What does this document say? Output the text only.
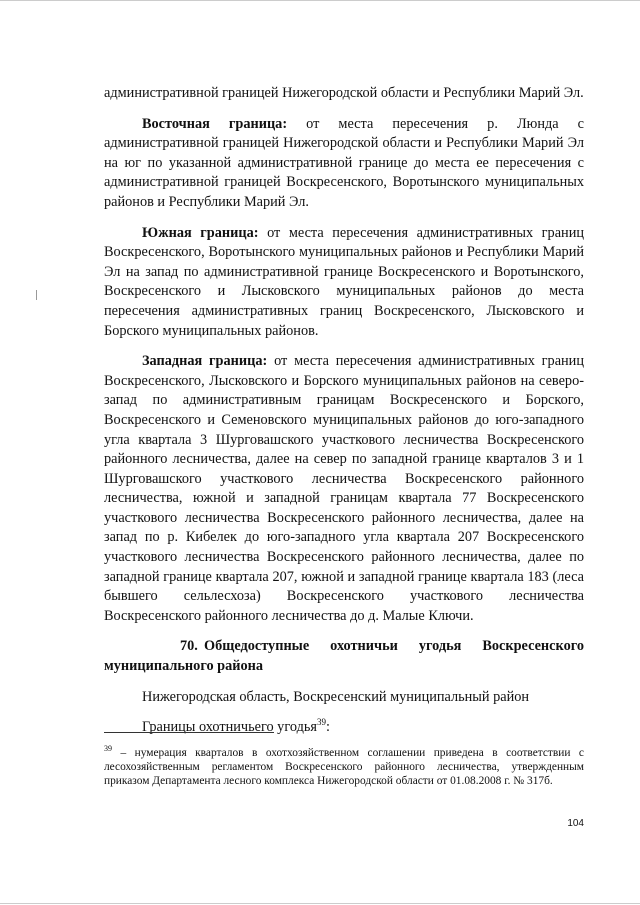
административной границей Нижегородской области и Республики Марий Эл.

Восточная граница: от места пересечения р. Люнда с административной границей Нижегородской области и Республики Марий Эл на юг по указанной административной границе до места ее пересечения с административной границей Воскресенского, Воротынского муниципальных районов и Республики Марий Эл.

Южная граница: от места пересечения административных границ Воскресенского, Воротынского муниципальных районов и Республики Марий Эл на запад по административной границе Воскресенского и Воротынского, Воскресенского и Лысковского муниципальных районов до места пересечения административных границ Воскресенского, Лысковского и Борского муниципальных районов.

Западная граница: от места пересечения административных границ Воскресенского, Лысковского и Борского муниципальных районов на северо-запад по административным границам Воскресенского и Борского, Воскресенского и Семеновского муниципальных районов до юго-западного угла квартала 3 Шурговашского участкового лесничества Воскресенского районного лесничества, далее на север по западной границе кварталов 3 и 1 Шурговашского участкового лесничества Воскресенского районного лесничества, южной и западной границам квартала 77 Воскресенского участкового лесничества Воскресенского районного лесничества, далее на запад по р. Кибелек до юго-западного угла квартала 207 Воскресенского участкового лесничества Воскресенского районного лесничества, далее по западной границе квартала 207, южной и западной границе квартала 183 (леса бывшего сельлесхоза) Воскресенского участкового лесничества Воскресенского районного лесничества до д. Малые Ключи.

70. Общедоступные охотничьи угодья Воскресенского муниципального района

Нижегородская область, Воскресенский муниципальный район

Границы охотничьего угодья$^{39}$:

$^{39}$ – нумерация кварталов в охотхозяйственном соглашении приведена в соответствии с лесохозяйственным регламентом Воскресенского районного лесничества, утвержденным приказом Департамента лесного комплекса Нижегородской области от 01.08.2008 г. № 317б.
104
